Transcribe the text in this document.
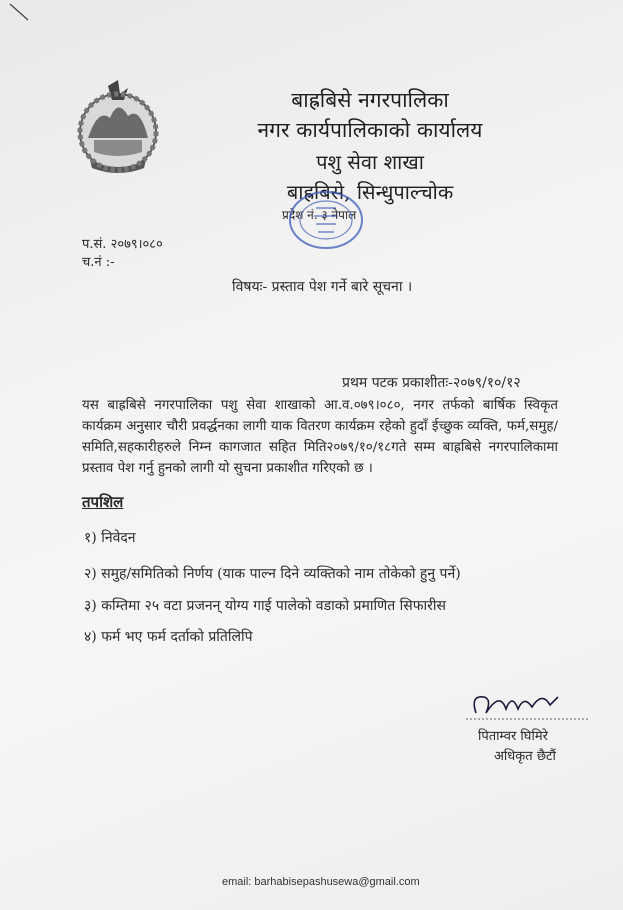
बाह्रबिसे नगरपालिका
नगर कार्यपालिकाको कार्यालय
पशु सेवा शाखा
बाह्रबिसे, सिन्धुपाल्चोक
प्रदेश नं. ३ नेपाल
प.सं. २०७९।०८०
च.नं :-
विषयः- प्रस्ताव पेश गर्ने बारे सूचना ।
प्रथम पटक प्रकाशीतः-२०७९/१०/१२
यस बाह्रबिसे नगरपालिका पशु सेवा शाखाको आ.व.०७९।०८०, नगर तर्फको बार्षिक स्विकृत कार्यक्रम अनुसार चौरी प्रवर्द्धनका लागी याक वितरण कार्यक्रम रहेको हुदाँ ईच्छुक व्यक्ति, फर्म,समुह/समिति,सहकारीहरुले निम्न कागजात सहित मिति२०७९/१०/१८गते सम्म बाह्रबिसे नगरपालिकामा प्रस्ताव पेश गर्नु हुनको लागी यो सुचना प्रकाशीत गरिएको छ ।
तपशिल
१) निवेदन
२) समुह/समितिको निर्णय (याक पाल्न दिने व्यक्तिको नाम तोकेको हुनु पर्ने)
३) कम्तिमा २५ वटा प्रजनन् योग्य गाई पालेको वडाको प्रमाणित सिफारीस
४) फर्म भए फर्म दर्ताको प्रतिलिपि
पिताम्वर घिमिरे
अधिकृत छैटौं
email: barhabisepashusewa@gmail.com
